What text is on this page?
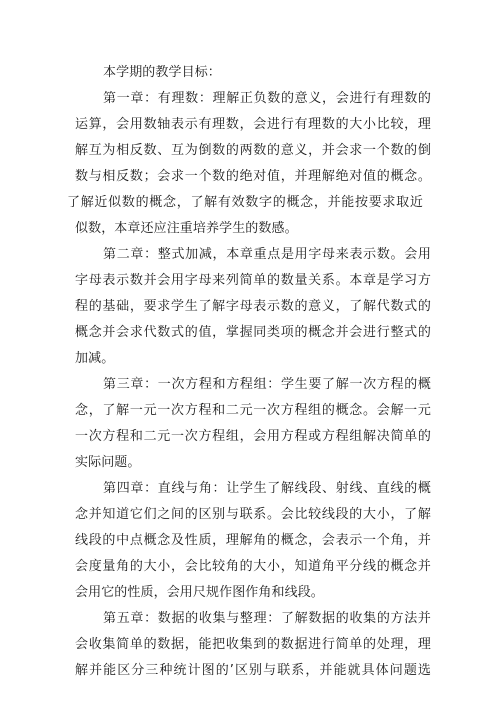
本学期的教学目标：
第一章：有理数：理解正负数的意义，会进行有理数的
运算，会用数轴表示有理数，会进行有理数的大小比较，理
解互为相反数、互为倒数的两数的意义，并会求一个数的倒
数与相反数；会求一个数的绝对值，并理解绝对值的概念。
了解近似数的概念，了解有效数字的概念，并能按要求取近
似数，本章还应注重培养学生的数感。
第二章：整式加减，本章重点是用字母来表示数。会用
字母表示数并会用字母来列简单的数量关系。本章是学习方
程的基础，要求学生了解字母表示数的意义，了解代数式的
概念并会求代数式的值，掌握同类项的概念并会进行整式的
加减。
第三章：一次方程和方程组：学生要了解一次方程的概
念，了解一元一次方程和二元一次方程组的概念。会解一元
一次方程和二元一次方程组，会用方程或方程组解决简单的
实际问题。
第四章：直线与角：让学生了解线段、射线、直线的概
念并知道它们之间的区别与联系。会比较线段的大小，了解
线段的中点概念及性质，理解角的概念，会表示一个角，并
会度量角的大小，会比较角的大小，知道角平分线的概念并
会用它的性质，会用尺规作图作角和线段。
第五章：数据的收集与整理：了解数据的收集的方法并
会收集简单的数据，能把收集到的数据进行简单的处理，理
解并能区分三种统计图的’区别与联系，并能就具体问题选
